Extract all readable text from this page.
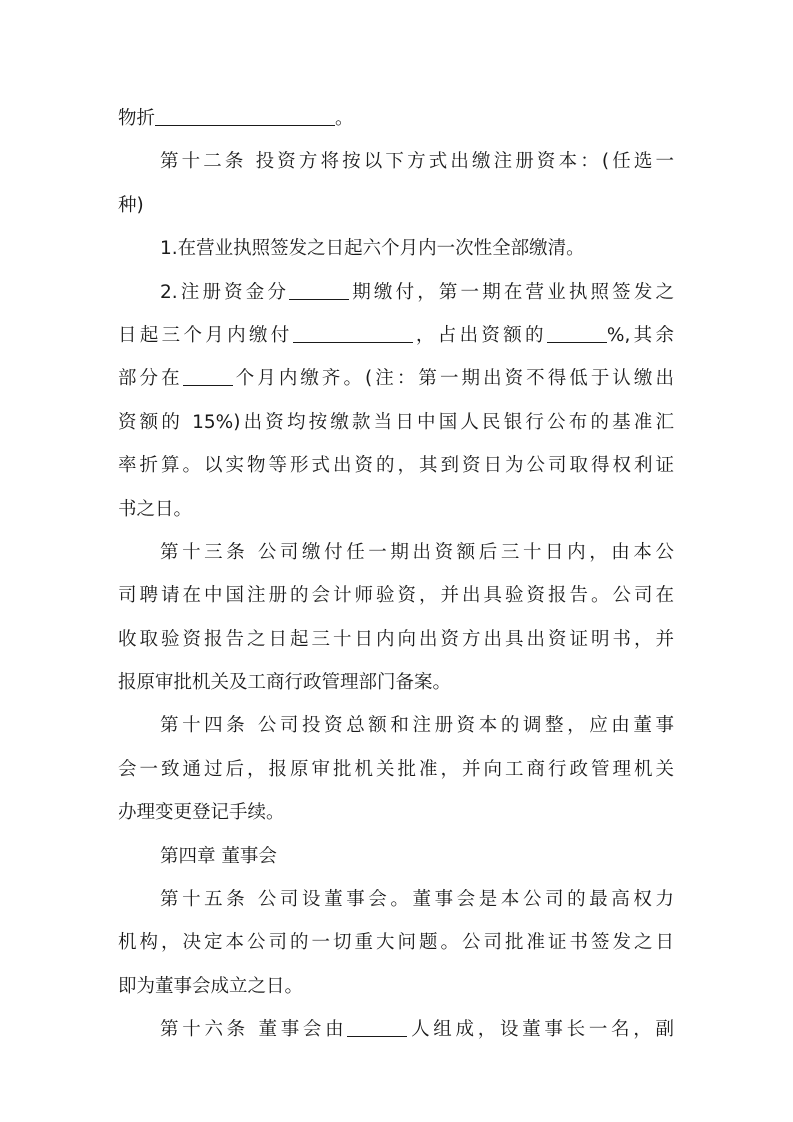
物折	。
第十二条 投资方将按以下方式出缴注册资本：(任选一
种)
1.在营业执照签发之日起六个月内一次性全部缴清。
2.注册资金分	期缴付，第一期在营业执照签发之
日起三个月内缴付	，占出资额的	%,其余
部分在	个月内缴齐。(注：第一期出资不得低于认缴出
资额的 15%)出资均按缴款当日中国人民银行公布的基准汇
率折算。以实物等形式出资的，其到资日为公司取得权利证
书之日。
第十三条 公司缴付任一期出资额后三十日内，由本公
司聘请在中国注册的会计师验资，并出具验资报告。公司在
收取验资报告之日起三十日内向出资方出具出资证明书，并
报原审批机关及工商行政管理部门备案。
第十四条 公司投资总额和注册资本的调整，应由董事
会一致通过后，报原审批机关批准，并向工商行政管理机关
办理变更登记手续。
第四章 董事会
第十五条 公司设董事会。董事会是本公司的最高权力
机构，决定本公司的一切重大问题。公司批准证书签发之日
即为董事会成立之日。
第十六条 董事会由	人组成，设董事长一名，副
